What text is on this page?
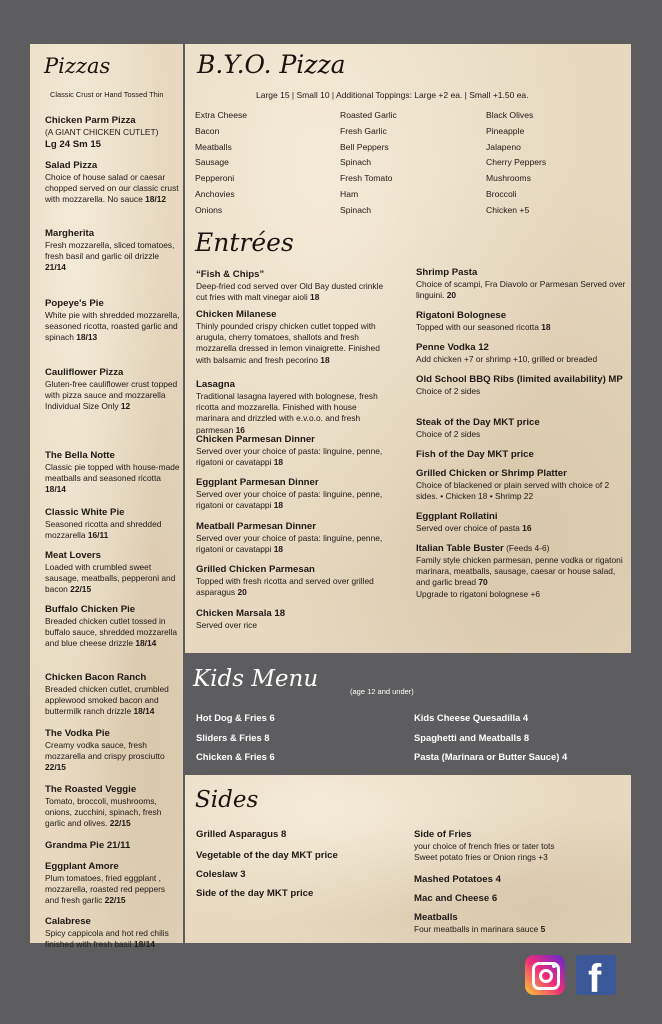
Pizzas
Classic Crust or Hand Tossed Thin
Chicken Parm Pizza
(A GIANT CHICKEN CUTLET)
Lg 24 Sm 15
Salad Pizza
Choice of house salad or caesar chopped served on our classic crust with mozzarella. No sauce 18/12
Margherita
Fresh mozzarella, sliced tomatoes, fresh basil and garlic oil drizzle 21/14
Popeye's Pie
White pie with shredded mozzarella, seasoned ricotta, roasted garlic and spinach 18/13
Cauliflower Pizza
Gluten-free cauliflower crust topped with pizza sauce and mozzarella Individual Size Only 12
The Bella Notte
Classic pie topped with house-made meatballs and seasoned ricotta 18/14
Classic White Pie
Seasoned ricotta and shredded mozzarella 16/11
Meat Lovers
Loaded with crumbled sweet sausage, meatballs, pepperoni and bacon 22/15
Buffalo Chicken Pie
Breaded chicken cutlet tossed in buffalo sauce, shredded mozzarella and blue cheese drizzle 18/14
Chicken Bacon Ranch
Breaded chicken cutlet, crumbled applewood smoked bacon and buttermilk ranch drizzle 18/14
The Vodka Pie
Creamy vodka sauce, fresh mozzarella and crispy prosciutto 22/15
The Roasted Veggie
Tomato, broccoli, mushrooms, onions, zucchini, spinach, fresh garlic and olives. 22/15
Grandma Pie 21/11
Eggplant Amore
Plum tomatoes, fried eggplant , mozzarella, roasted red peppers and fresh garlic 22/15
Calabrese
Spicy cappicola and hot red chilis finished with fresh basil 18/14
B.Y.O. Pizza
Large 15 | Small 10 | Additional Toppings: Large +2 ea. | Small +1.50 ea.
Extra Cheese
Bacon
Meatballs
Sausage
Pepperoni
Anchovies
Onions
Roasted Garlic
Fresh Garlic
Bell Peppers
Spinach
Fresh Tomato
Ham
Spinach
Black Olives
Pineapple
Jalapeno
Cherry Peppers
Mushrooms
Broccoli
Chicken +5
Entrées
“Fish & Chips”
Deep-fried cod served over Old Bay dusted crinkle cut fries with malt vinegar aioli 18
Chicken Milanese
Thinly pounded crispy chicken cutlet topped with arugula, cherry tomatoes, shallots and fresh mozzarella dressed in lemon vinaigrette. Finished with balsamic and fresh pecorino 18
Lasagna
Traditional lasagna layered with bolognese, fresh ricotta and mozzarella. Finished with house marinara and drizzled with e.v.o.o. and fresh parmesan 16
Chicken Parmesan Dinner
Served over your choice of pasta: linguine, penne, rigatoni or cavatappi 18
Eggplant Parmesan Dinner
Served over your choice of pasta: linguine, penne, rigatoni or cavatappi 18
Meatball Parmesan Dinner
Served over your choice of pasta: linguine, penne, rigatoni or cavatappi 18
Grilled Chicken Parmesan
Topped with fresh ricotta and served over grilled asparagus 20
Chicken Marsala 18
Served over rice
Shrimp Pasta
Choice of scampi, Fra Diavolo or Parmesan Served over linguini. 20
Rigatoni Bolognese
Topped with our seasoned ricotta 18
Penne Vodka 12
Add chicken +7 or shrimp +10, grilled or breaded
Old School BBQ Ribs (limited availability) MP
Choice of 2 sides
Steak of the Day MKT price
Choice of 2 sides
Fish of the Day MKT price
Grilled Chicken or Shrimp Platter
Choice of blackened or plain served with choice of 2 sides. • Chicken 18 • Shrimp 22
Eggplant Rollatini
Served over choice of pasta 16
Italian Table Buster (Feeds 4-6)
Family style chicken parmesan, penne vodka or rigatoni marinara, meatballs, sausage, caesar or house salad, and garlic bread 70
Upgrade to rigatoni bolognese +6
Kids Menu	(age 12 and under)
Hot Dog & Fries 6
Sliders & Fries 8
Chicken & Fries 6
Kids Cheese Quesadilla 4
Spaghetti and Meatballs 8
Pasta (Marinara or Butter Sauce) 4
Sides
Grilled Asparagus 8
Vegetable of the day MKT price
Coleslaw 3
Side of the day MKT price
Side of Fries
your choice of french fries or tater tots
Sweet potato fries or Onion rings +3
Mashed Potatoes 4
Mac and Cheese 6
Meatballs
Four meatballs in marinara sauce 5
f
